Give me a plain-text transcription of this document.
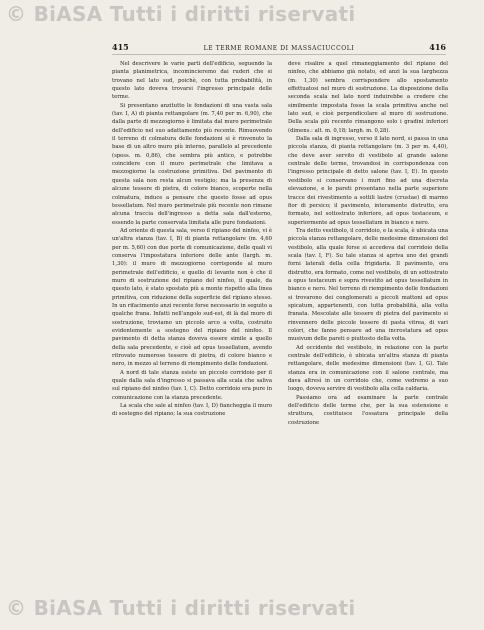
© BiASA Tutti i diritti riservati
415	LE TERME ROMANE DI MASSACIUCCOLI	416

Nel descrivere le varie parti dell'edificio, seguendo la pianta planimetrica, incomincieremo dai ruderi che si trovano nel lato sud, poichè, con tutta probabilità, in questo lato doveva trovarsi l'ingresso principale delle terme.

Si presentano anzitutto le fondazioni di una vasta sala (tav. I, A) di pianta rettangolare (m. 7,40 per m. 6,90), che dalla parte di mezzogiorno è limitata dal muro perimetrale dell'edificio nel suo adattamento più recente. Rimuovendo il terreno di colmatura delle fondazioni si è rinvenuto la base di un altro muro più interno, parallelo al precedente (spess. m. 0,86), che sembra più antico, e potrebbe coincidere con il muro perimetrale che limitava a mezzogiorno la costruzione primitiva. Del pavimento di questa sala non resta alcun vestigio; ma la presenza di alcune tessere di pietra, di colore bianco, scoperte nella colmatura, induce a pensare che questo fosse ad opus tessellatum. Nel muro perimetrale più recente non rimane alcuna traccia dell'ingresso a detta sala dall'esterno, essendo la parte conservata limitata alle pure fondazioni.

Ad oriente di questa sala, verso il ripiano del ninfeo, vi è un'altra stanza (tav. I, B) di pianta rettangolare (m. 4,60 per m. 5,60) con due porte di comunicazione, delle quali vi conserva l'impostatura inferiore delle ante (largh. m. 1,30): il muro di mezzogiorno corrisponde al muro perimetrale dell'edificio, e quello di levante non è che il muro di sostruzione del ripiano del ninfeo, il quale, da questo lato, è stato spostato più a monte rispetto alla linea primitiva, con riduzione della superficie del ripiano stesso. In un rifacimento anzi recente forse necessario in seguito a qualche frana. Infatti nell'angolo sud-est, di là dal muro di sostruzione, troviamo un piccolo arco a volta, costruito evidentemente a sostegno del ripiano del ninfeo. Il pavimento di detta stanza doveva essere simile a quello della sala precedente, e cioè ad opus tessellatum, avendo ritrovato numerose tessere di pietra, di colore bianco e nero, in mezzo al terreno di riempimento delle fondazioni.

A nord di tale stanza esiste un piccolo corridoio per il quale dalla sala d'ingresso si passava alla scala che saliva sul ripiano del ninfeo (tav. I, C). Detto corridoio era pure in comunicazione con la stanza precedente.

La scala che sale al ninfeo (tav. I, D) fiancheggia il muro di sostegno del ripiano; la sua costruzione

deve risalire a quel rimaneggiamento del ripiano del ninfeo, che abbiamo già notato, ed anzi la sua larghezza (m. 1,30) sembra corrispondere allo spostamento effettuatosi nel muro di sostruzione. La disposizione della seconda scala nel lato nord induirebbe a credere che similmente impostata fosse la scala primitiva anche nel lato sud, e cioè perpendicolare al muro di sostruzione. Della scala più recente rimangono solo i gradini inferiori (dimens.: alt. m. 0,18; largh. m. 0,28).

Dalla sala di ingresso, verso il lato nord, si passa in una piccola stanza, di pianta rettangolare (m. 3 per m. 4,40), che deve aver servito di vestibolo al grande salone centrale delle terme, trovandosi in corrispondenza con l'ingresso principale di detto salone (tav. I, E). In questo vestibolo si conservano i muri fino ad una discreta elevazione, e le pareti presentano nella parte superiore tracce dei rivestimento a sottili lastre (crustae) di marmo fior di persico; il pavimento, interamente distrutto, era formato, nel sottostrato inferiore, ad opus testaceum, e superiormente ad opus tessellatum in bianco e nero.

Tra detto vestibolo, il corridoio, e la scala, è ubicata una piccola stanza rettangolare, delle medesime dimensioni del vestibolo, alla quale forse si accedeva dal corridoio della scala (tav. I, F). Su tale stanza si apriva uno dei grandi forni laterali della cella frigidaria. Il pavimento, ora distrutto, era formato, come nel vestibolo, di un sottostrato a opus testaceum e sopra rivestito ad opus tessellatum in bianco e nero. Nel terreno di riempimento delle fondazioni si trovarono dei conglomerati a piccoli mattoni ad opus spicatum, appartenenti, con tutta probabilità, alla volta franata. Mescolate alle tessere di pietra del pavimento si rinvennero delle piccole tessere di pasta vitrea, di vari colori, che fanno pensare ad una incrostatura ad opus musivum delle pareti o piuttosto della volta.

Ad occidente del vestibolo, in relazione con la parte centrale dell'edificio, è ubicata un'altra stanza di pianta rettangolare, delle medesime dimensioni (tav. I, G). Tale stanza era in comunicazione con il salone centrale, ma dava altresì in un corridoio che, come vedremo a suo luogo, doveva servire di vestibolo alla cella caldaria.

Passiamo ora ad esaminare la parte centrale dell'edificio delle terme che, per la sua estensione e struttura, costituisce l'ossatura principale della costruzione

© BiASA Tutti i diritti riservati
